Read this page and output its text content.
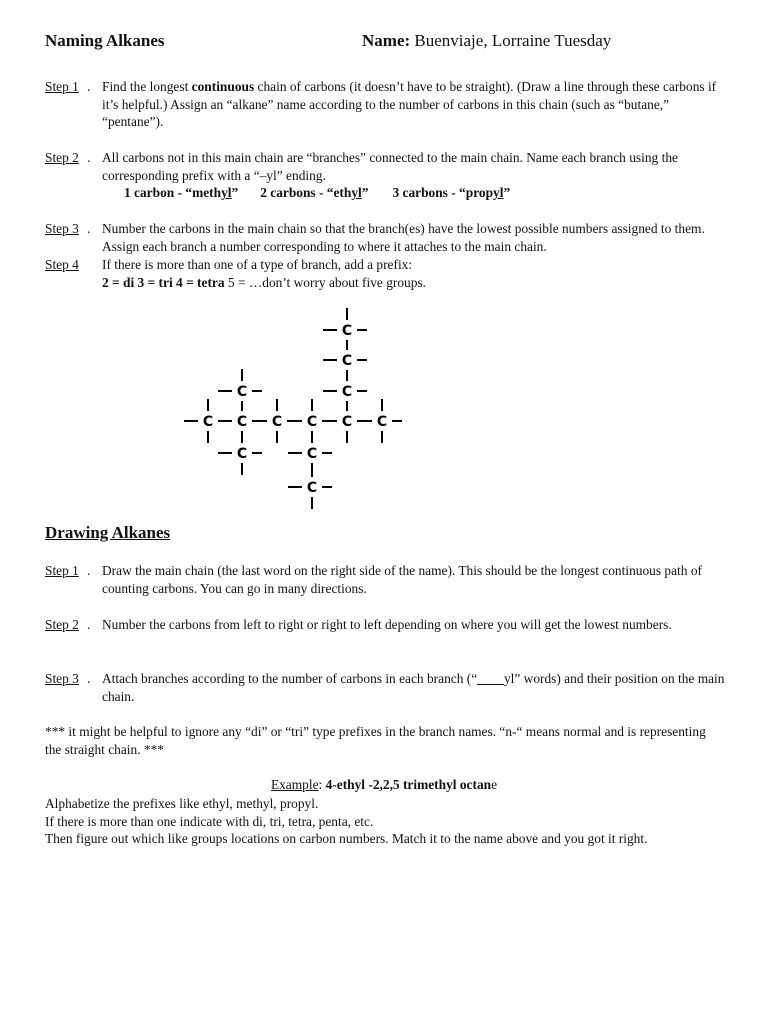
Naming Alkanes	Name: Buenviaje, Lorraine Tuesday
Step 1 . Find the longest continuous chain of carbons (it doesn’t have to be straight). (Draw a line through these carbons if it’s helpful.) Assign an “alkane” name according to the number of carbons in this chain (such as “butane,” “pentane”).
Step 2 . All carbons not in this main chain are “branches” connected to the main chain. Name each branch using the corresponding prefix with a “–yl” ending.
1 carbon - “methyl” 2 carbons - “ethyl” 3 carbons - “propyl”
Step 3 . Number the carbons in the main chain so that the branch(es) have the lowest possible numbers assigned to them. Assign each branch a number corresponding to where it attaches to the main chain.
Step 4 If there is more than one of a type of branch, add a prefix:
2 = di 3 = tri 4 = tetra 5 = …don’t worry about five groups.
C C C C C C
C
C
C
C
C
C
C
Drawing Alkanes
Step 1 . Draw the main chain (the last word on the right side of the name). This should be the longest continuous path of counting carbons. You can go in many directions.
Step 2 . Number the carbons from left to right or right to left depending on where you will get the lowest numbers.
Step 3 . Attach branches according to the number of carbons in each branch (“____yl” words) and their position on the main chain.
*** it might be helpful to ignore any “di” or “tri” type prefixes in the branch names. “n-“ means normal and is representing the straight chain. ***
Example: 4-ethyl -2,2,5 trimethyl octane
Alphabetize the prefixes like ethyl, methyl, propyl.
If there is more than one indicate with di, tri, tetra, penta, etc.
Then figure out which like groups locations on carbon numbers. Match it to the name above and you got it right.
